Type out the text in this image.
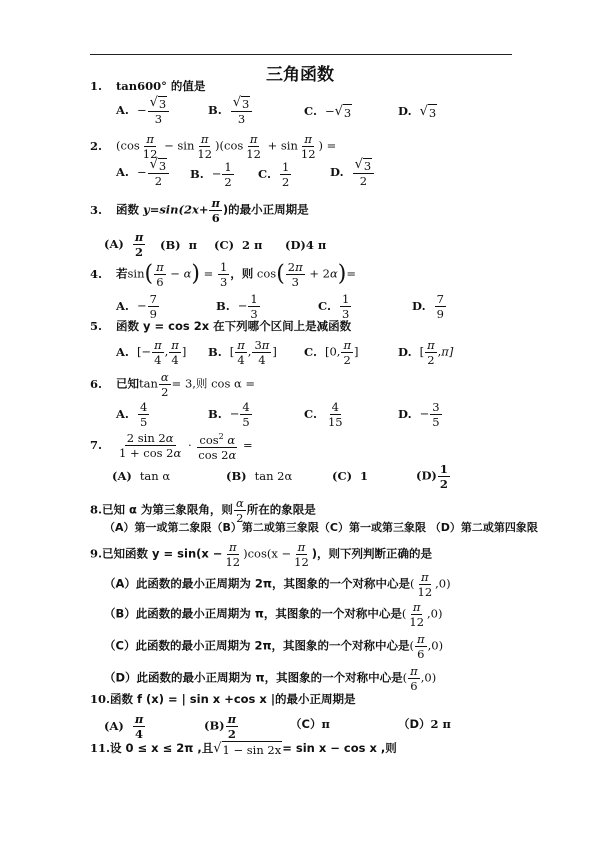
三角函数
1. tan600° 的值是
A. − $\frac{√ 3}{3}$	B. $\frac{√ 3}{3}$	C. − √ 3	D. √ 3
2. $(\cos \frac{\pi}{12} - \sin \frac{\pi}{12} )(\cos \frac{\pi}{12} + \sin \frac{\pi}{12}$ ) =
A. − $\frac{√ 3}{2} B$. − $\frac{1}{2} C$. $\frac{1}{2}$	D. $\frac{√ 3}{2}$
3. 函数 $y=\sin(2x+ \frac{\pi}{6}$ )的最小正周期是
$(A) \frac{\pi}{2} (B)$ π (C) 2 π (D)4 π
4. 若$\sin( \frac{\pi}{6} - \alpha) = \frac{1}{3}$ ，则 $\cos( \frac{2\pi}{3} + 2\alpha)=$
A. − $\frac{7}{9}$	B. − $\frac{1}{3}$	C. $\frac{1}{3}$	D. $\frac{7}{9}$
5. 函数 y = cos 2x 在下列哪个区间上是减函数
A. [− $\frac{\pi}{4}$ , $\frac{\pi}{4}$ ] B. [ $\frac{\pi}{4}$ , $\frac{3\pi}{4}$ ] C. [0, $\frac{\pi}{2}$ ]	D. [ $\frac{\pi}{2} ,\pi$]
6. 已知$\tan \frac{\alpha}{2} = 3$,则 cos α =
A. $\frac{4}{5}$	B. − $\frac{4}{5}$	C. $\frac{4}{15}$	D. − $\frac{3}{5}$
7. $\frac{2 \sin 2\alpha}{1 + \cos 2\alpha} \cdot \frac{\cos^2 \alpha}{\cos 2\alpha}$ =
(A) tan α	(B) tan 2α	(C) 1	$(D) \frac{1}{2}$
8.已知 α 为第三象限角，则 $\frac{\alpha}{2}$ 所在的象限是
（A）第一或第二象限（B）第二或第三象限（C）第一或第三象限 （D）第二或第四象限
9.已知函数 $y = \sin(x - \frac{\pi}{12} )\cos(x - \frac{\pi}{12}$ )，则下列判断正确的是
（A）此函数的最小正周期为 2π，其图象的一个对称中心是( $\frac{\pi}{12} ,0$)
（B）此函数的最小正周期为 π，其图象的一个对称中心是( $\frac{\pi}{12} ,0$)
（C）此函数的最小正周期为 2π，其图象的一个对称中心是( $\frac{\pi}{6} ,0$)
（D）此函数的最小正周期为 π，其图象的一个对称中心是( $\frac{\pi}{6} ,0$)
10.函数 f (x) = | sin x +cos x |的最小正周期是
$(A) \frac{\pi}{4}$	$(B) \frac{\pi}{2}$	（C）π	（D）2 π
11.设 0 ≤ x ≤ 2π ,且 √ 1 − sin 2x = sin x − cos x ,则
